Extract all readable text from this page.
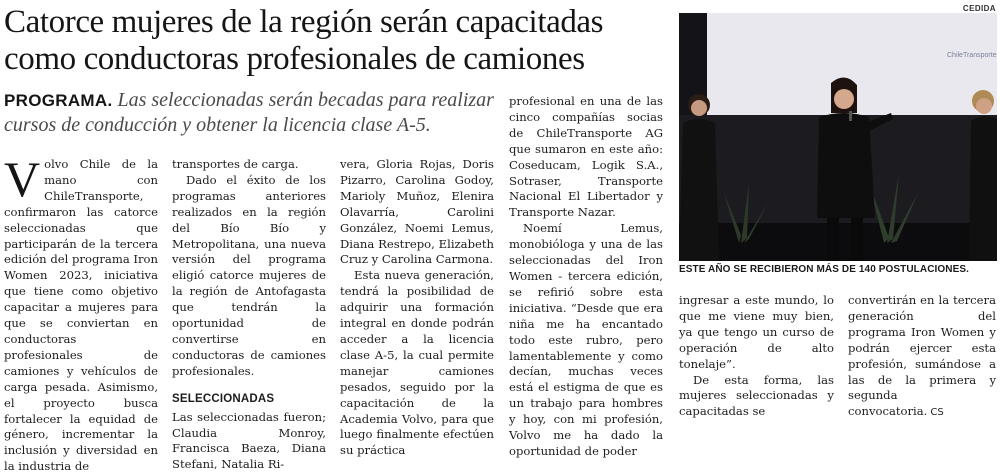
Catorce mujeres de la región serán capacitadas como conductoras profesionales de camiones

PROGRAMA. Las seleccionadas serán becadas para realizar cursos de conducción y obtener la licencia clase A-5.

Volvo Chile de la mano con ChileTransporte, confirmaron las catorce seleccionadas que participarán de la tercera edición del programa Iron Women 2023, iniciativa que tiene como objetivo capacitar a mujeres para que se conviertan en conductoras profesionales de camiones y vehículos de carga pesada. Asimismo, el proyecto busca fortalecer la equidad de género, incrementar la inclusión y diversidad en la industria de

transportes de carga.

Dado el éxito de los programas anteriores realizados en la región del Bío Bío y Metropolitana, una nueva versión del programa eligió catorce mujeres de la región de Antofagasta que tendrán la oportunidad de convertirse en conductoras de camiones profesionales.

SELECCIONADAS

Las seleccionadas fueron; Claudia Monroy, Francisca Baeza, Diana Stefani, Natalia Ri-

vera, Gloria Rojas, Doris Pizarro, Carolina Godoy, Marioly Muñoz, Elenira Olavarría, Carolini González, Noemi Lemus, Diana Restrepo, Elizabeth Cruz y Carolina Carmona.

Esta nueva generación, tendrá la posibilidad de adquirir una formación integral en donde podrán acceder a la licencia clase A-5, la cual permite manejar camiones pesados, seguido por la capacitación de la Academia Volvo, para que luego finalmente efectúen su práctica

profesional en una de las cinco compañías socias de ChileTransporte AG que sumaron en este año: Coseducam, Logik S.A., Sotraser, Transporte Nacional El Libertador y Transporte Nazar.

Noemí Lemus, monobióloga y una de las seleccionadas del Iron Women - tercera edición, se refirió sobre esta iniciativa. “Desde que era niña me ha encantado todo este rubro, pero lamentablemente y como decían, muchas veces está el estigma de que es un trabajo para hombres y hoy, con mi profesión, Volvo me ha dado la oportunidad de poder

CEDIDA
ChileTransporte
ESTE AÑO SE RECIBIERON MÁS DE 140 POSTULACIONES.

ingresar a este mundo, lo que me viene muy bien, ya que tengo un curso de operación de alto tonelaje”.

De esta forma, las mujeres seleccionadas y capacitadas se

convertirán en la tercera generación del programa Iron Women y podrán ejercer esta profesión, sumándose a las de la primera y segunda convocatoria. CS
